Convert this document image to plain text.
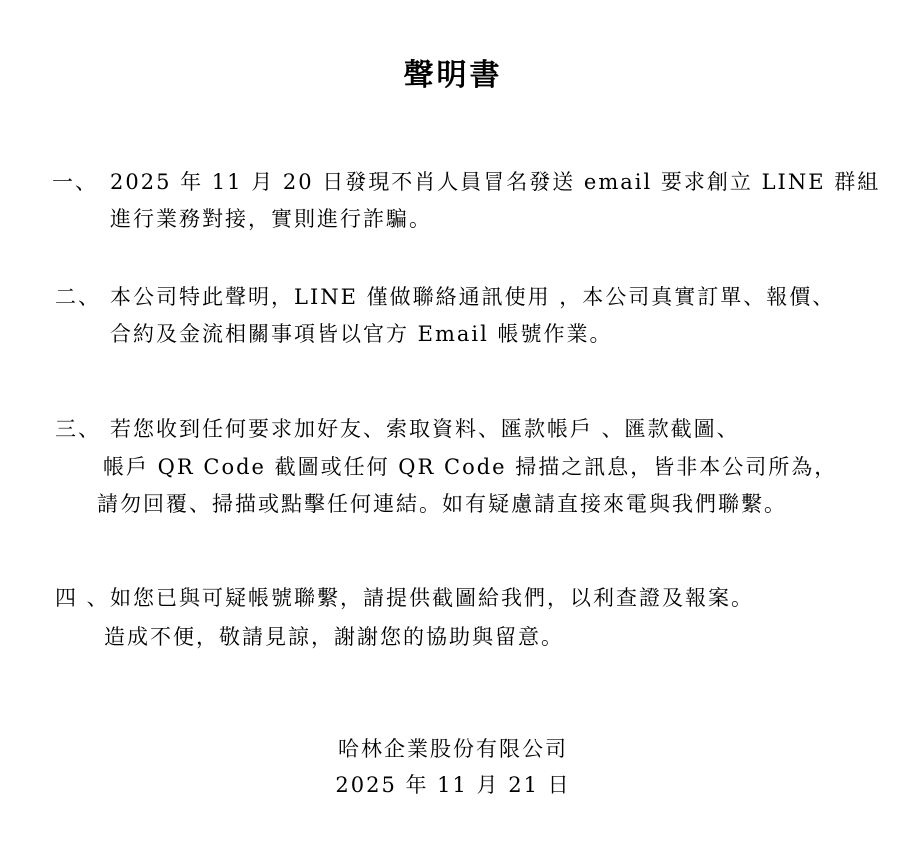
聲明書
一、 2025 年 11 月 20 日發現不肖人員冒名發送 email 要求創立 LINE 群組
進行業務對接，實則進行詐騙。
二、 本公司特此聲明，LINE 僅做聯絡通訊使用 ，本公司真實訂單、報價、
合約及金流相關事項皆以官方 Email 帳號作業。
三、 若您收到任何要求加好友、索取資料、匯款帳戶 、匯款截圖、
帳戶 QR Code 截圖或任何 QR Code 掃描之訊息，皆非本公司所為，
請勿回覆、掃描或點擊任何連結。如有疑慮請直接來電與我們聯繫。
四 、如您已與可疑帳號聯繫，請提供截圖給我們，以利查證及報案。
造成不便，敬請見諒，謝謝您的協助與留意。
哈林企業股份有限公司
2025 年 11 月 21 日
